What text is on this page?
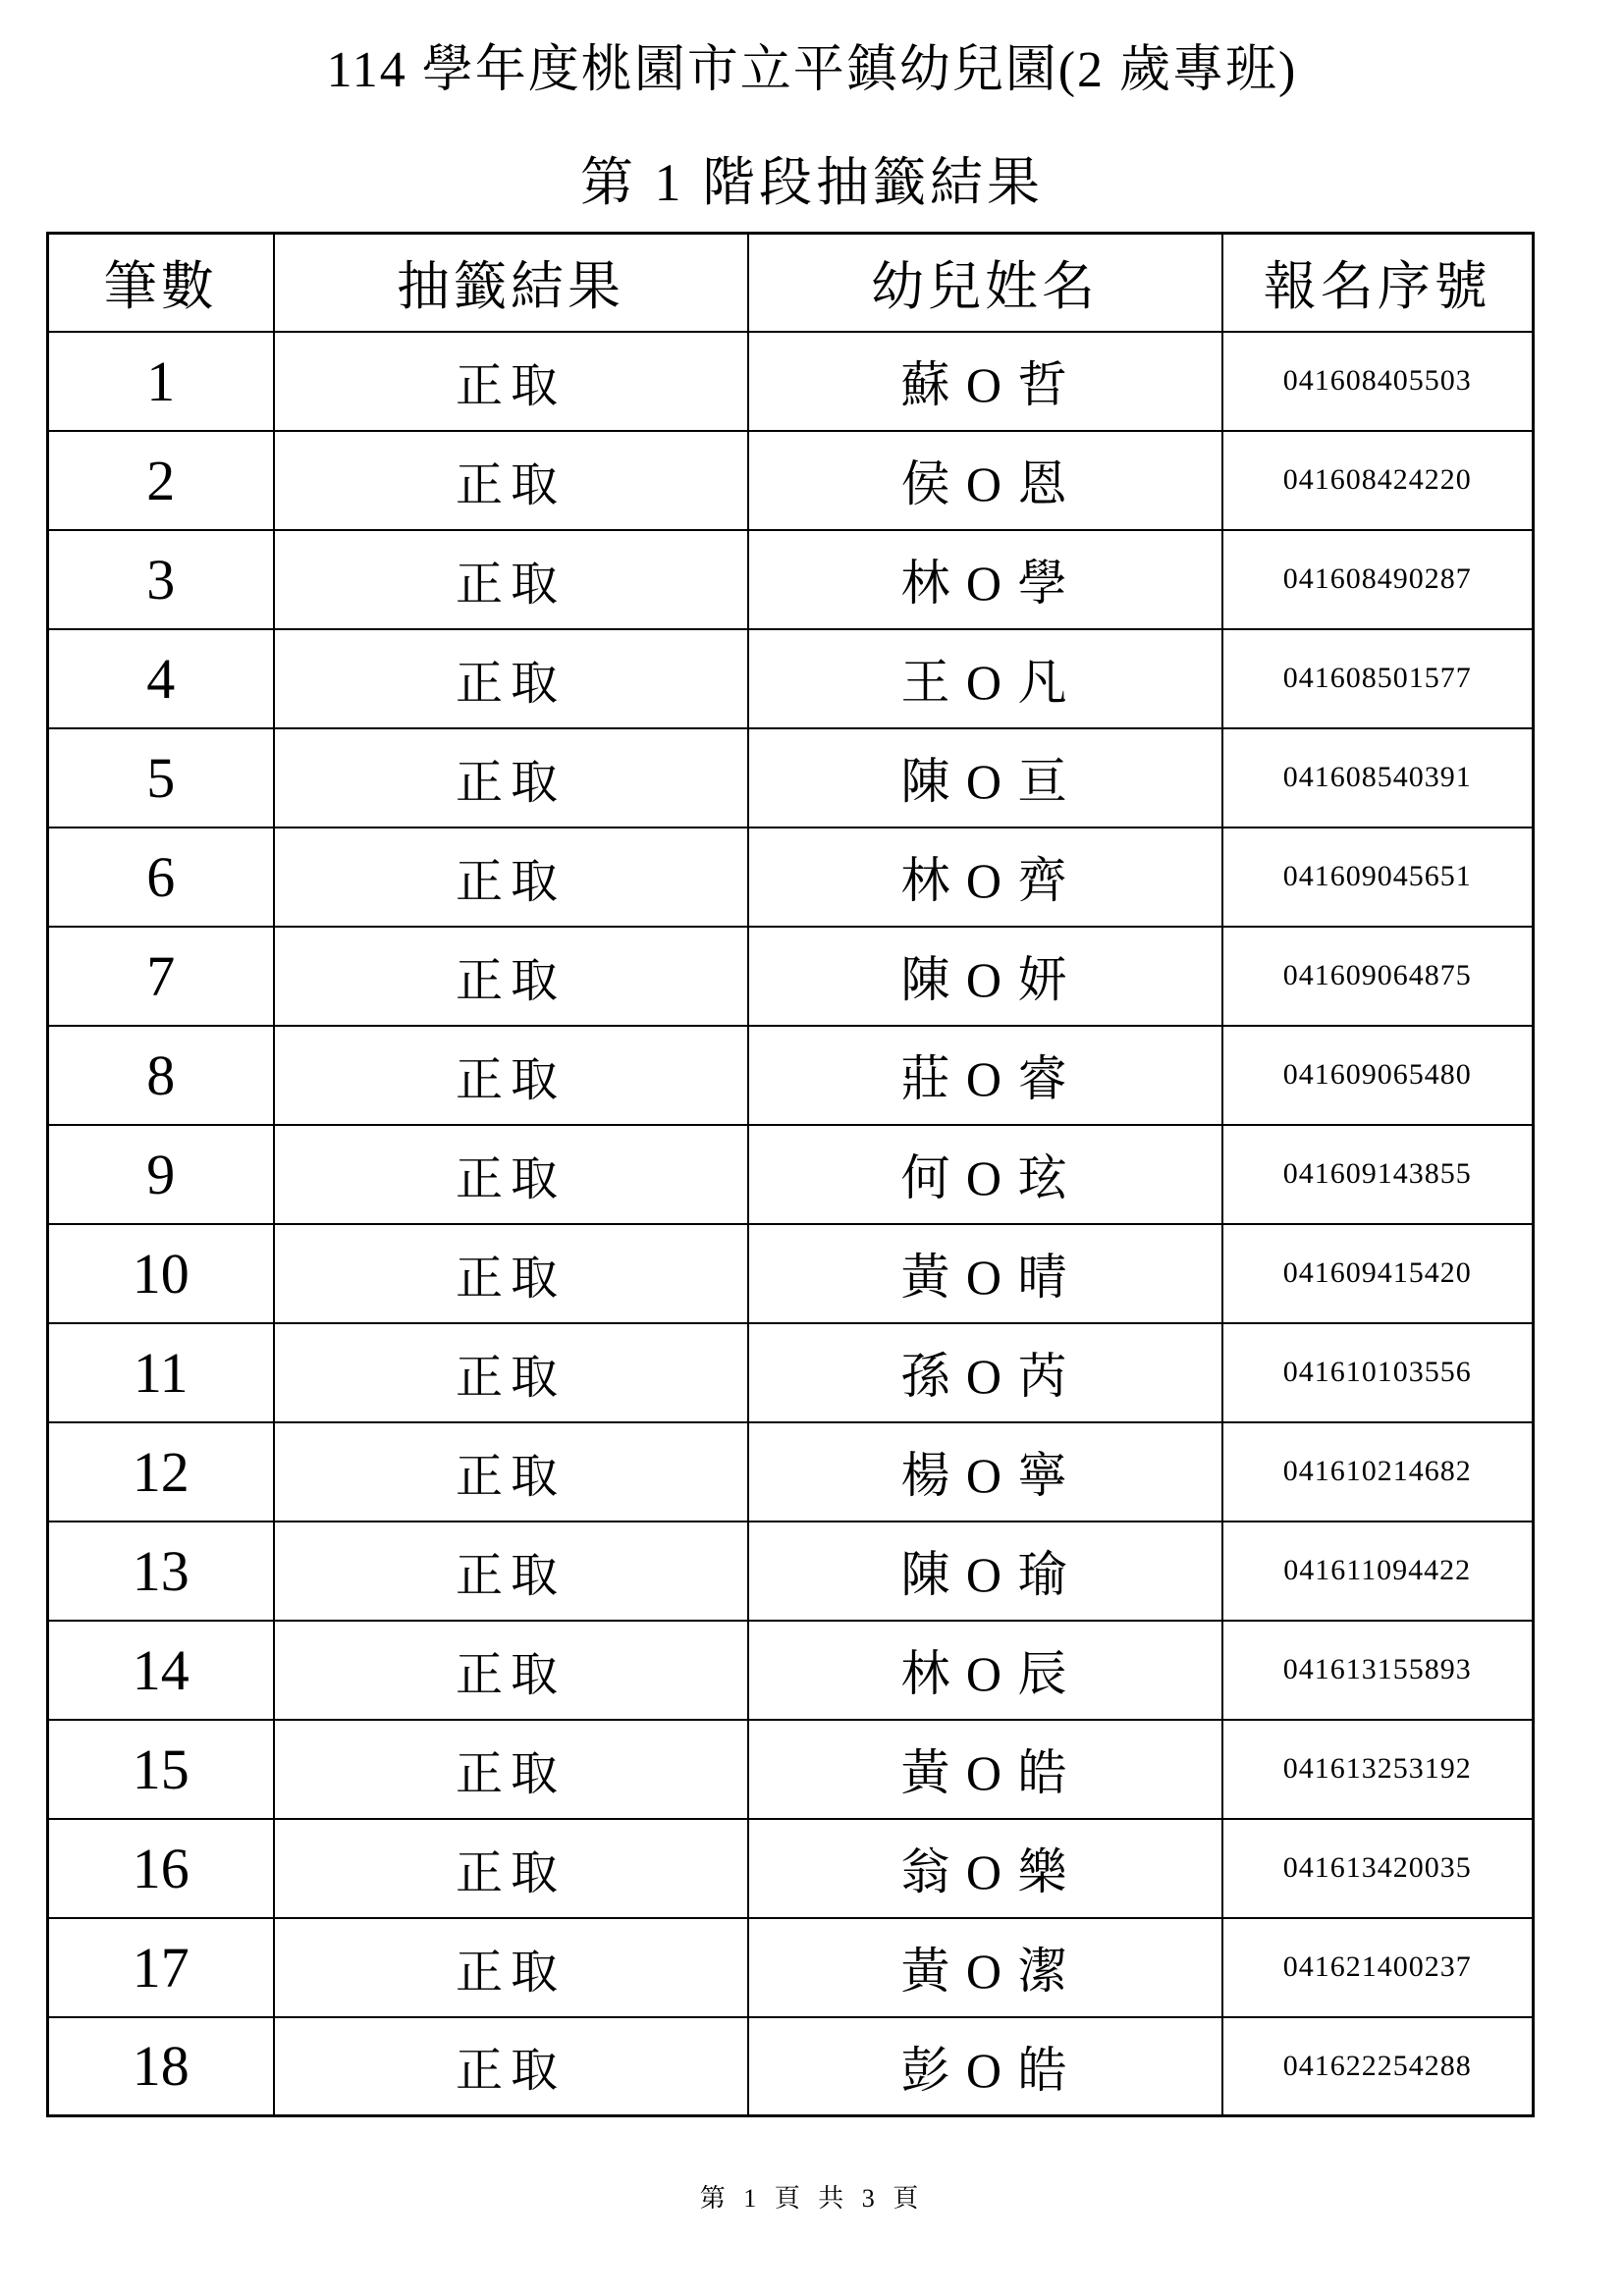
114 學年度桃園市立平鎮幼兒園(2 歲專班)
第 1 階段抽籤結果
筆數	抽籤結果	幼兒姓名	報名序號
1	正取	蘇 O 哲	041608405503
2	正取	侯 O 恩	041608424220
3	正取	林 O 學	041608490287
4	正取	王 O 凡	041608501577
5	正取	陳 O 亘	041608540391
6	正取	林 O 齊	041609045651
7	正取	陳 O 妍	041609064875
8	正取	莊 O 睿	041609065480
9	正取	何 O 玹	041609143855
10	正取	黃 O 晴	041609415420
11	正取	孫 O 芮	041610103556
12	正取	楊 O 寧	041610214682
13	正取	陳 O 瑜	041611094422
14	正取	林 O 辰	041613155893
15	正取	黃 O 皓	041613253192
16	正取	翁 O 樂	041613420035
17	正取	黃 O 潔	041621400237
18	正取	彭 O 皓	041622254288
第 1 頁 共 3 頁
